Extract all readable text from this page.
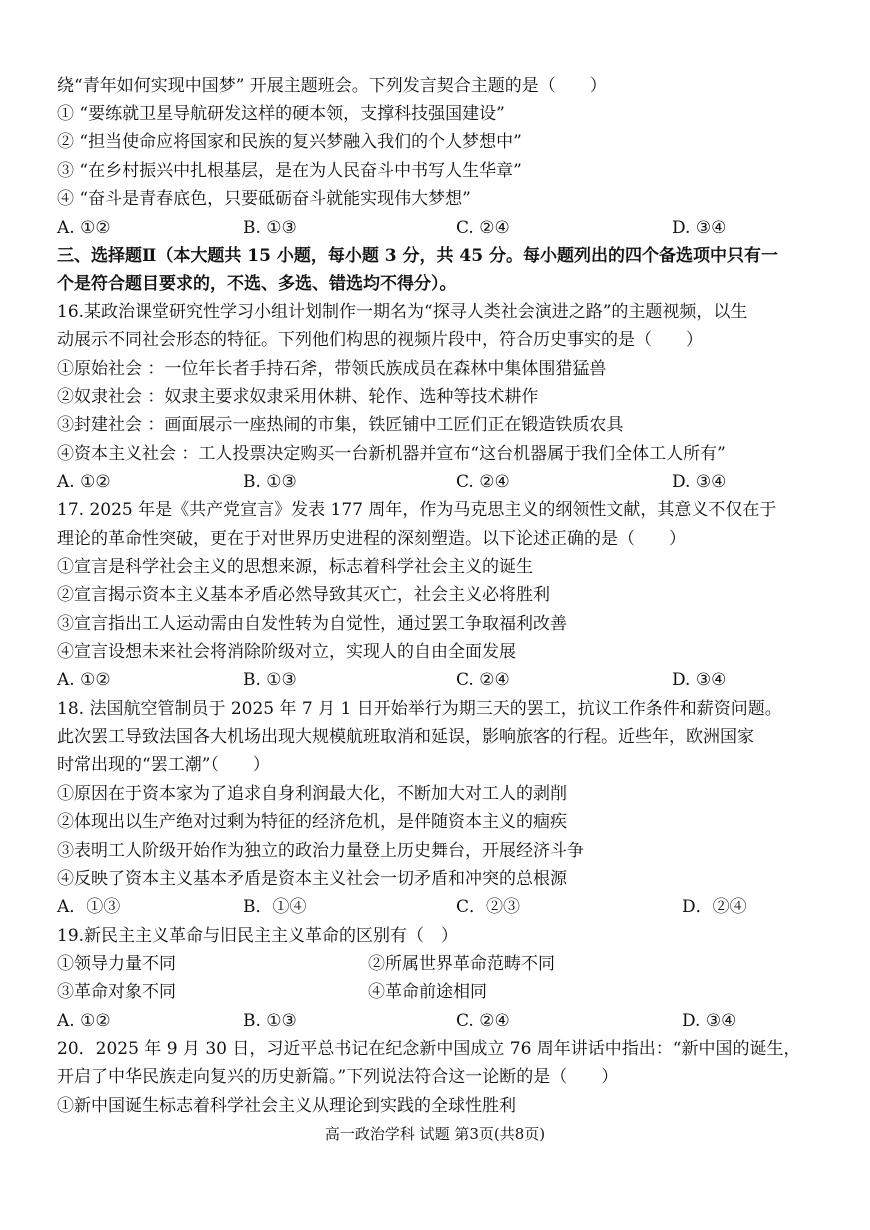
绕“青年如何实现中国梦” 开展主题班会。下列发言契合主题的是（　　）
① “要练就卫星导航研发这样的硬本领，支撑科技强国建设”
② “担当使命应将国家和民族的复兴梦融入我们的个人梦想中”
③ “在乡村振兴中扎根基层，是在为人民奋斗中书写人生华章”
④ “奋斗是青春底色，只要砥砺奋斗就能实现伟大梦想”
A. ①②	B. ①③	C. ②④	D. ③④
三、选择题Ⅱ（本大题共 15 小题，每小题 3 分，共 45 分。每小题列出的四个备选项中只有一
个是符合题目要求的，不选、多选、错选均不得分）。
16.某政治课堂研究性学习小组计划制作一期名为“探寻人类社会演进之路”的主题视频，以生
动展示不同社会形态的特征。下列他们构思的视频片段中，符合历史事实的是（　　）
①原始社会 ：一位年长者手持石斧，带领氏族成员在森林中集体围猎猛兽
②奴隶社会 ：奴隶主要求奴隶采用休耕、轮作、选种等技术耕作
③封建社会 ：画面展示一座热闹的市集，铁匠铺中工匠们正在锻造铁质农具
④资本主义社会 ：工人投票决定购买一台新机器并宣布“这台机器属于我们全体工人所有”
A. ①②	B. ①③	C. ②④	D. ③④
17. 2025 年是《共产党宣言》发表 177 周年，作为马克思主义的纲领性文献，其意义不仅在于
理论的革命性突破，更在于对世界历史进程的深刻塑造。以下论述正确的是（　　）
①宣言是科学社会主义的思想来源，标志着科学社会主义的诞生
②宣言揭示资本主义基本矛盾必然导致其灭亡，社会主义必将胜利
③宣言指出工人运动需由自发性转为自觉性，通过罢工争取福利改善
④宣言设想未来社会将消除阶级对立，实现人的自由全面发展
A. ①②	B. ①③	C. ②④	D. ③④
18. 法国航空管制员于 2025 年 7 月 1 日开始举行为期三天的罢工，抗议工作条件和薪资问题。
此次罢工导致法国各大机场出现大规模航班取消和延误，影响旅客的行程。近些年，欧洲国家
时常出现的“罢工潮”（　　）
①原因在于资本家为了追求自身利润最大化，不断加大对工人的剥削
②体现出以生产绝对过剩为特征的经济危机，是伴随资本主义的痼疾
③表明工人阶级开始作为独立的政治力量登上历史舞台，开展经济斗争
④反映了资本主义基本矛盾是资本主义社会一切矛盾和冲突的总根源
A．①③	B．①④	C．②③	D．②④
19.新民主主义革命与旧民主主义革命的区别有（　）
①领导力量不同	②所属世界革命范畴不同
③革命对象不同	④革命前途相同
A. ①②	B. ①③	C. ②④	D. ③④
20．2025 年 9 月 30 日，习近平总书记在纪念新中国成立 76 周年讲话中指出：“新中国的诞生，
开启了中华民族走向复兴的历史新篇。”下列说法符合这一论断的是（　　）
①新中国诞生标志着科学社会主义从理论到实践的全球性胜利
高一政治学科 试题 第3页(共8页)
